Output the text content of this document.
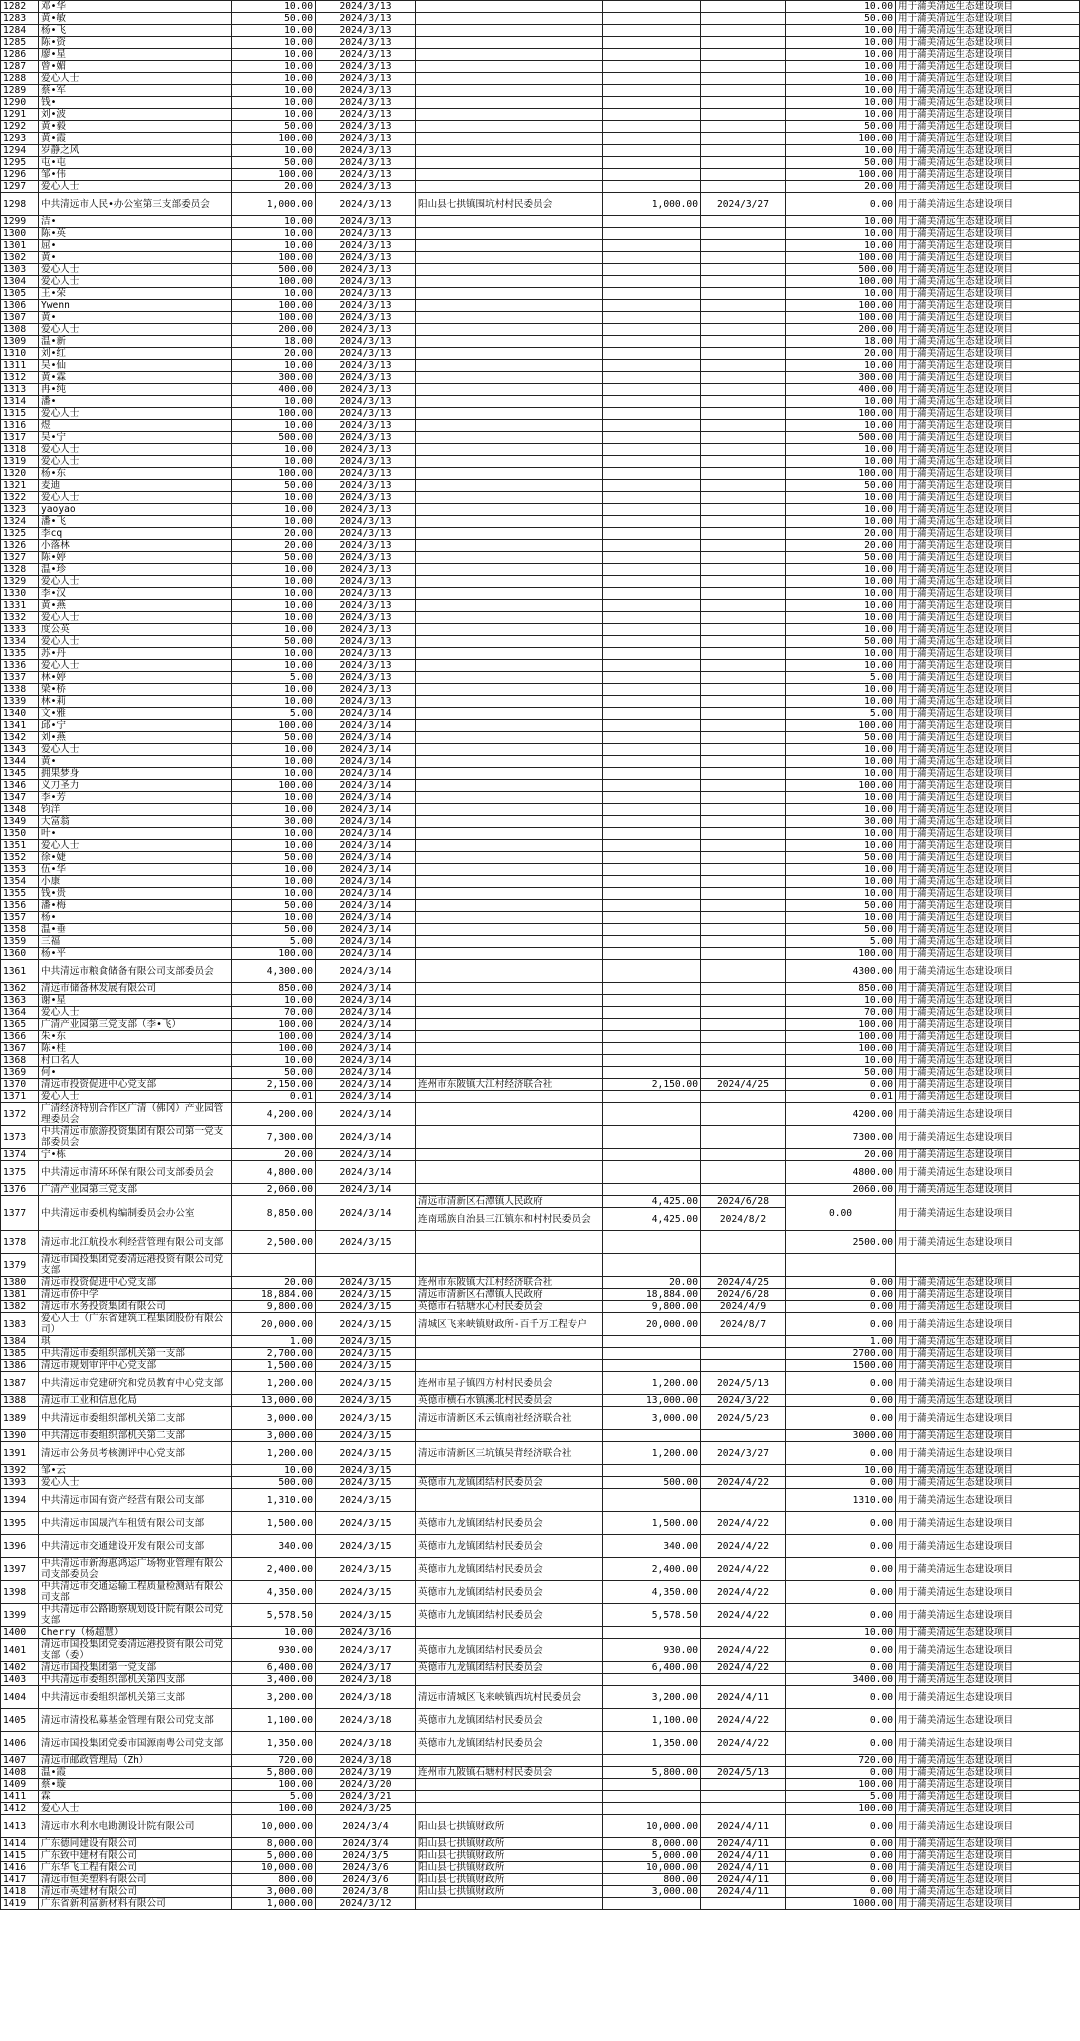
1282	邓•华	10.00	2024/3/13				10.00	用于蒲美清远生态建设项目
1283	黄•敏	50.00	2024/3/13				50.00	用于蒲美清远生态建设项目
1284	杨•飞	10.00	2024/3/13				10.00	用于蒲美清远生态建设项目
1285	陈•资	10.00	2024/3/13				10.00	用于蒲美清远生态建设项目
1286	廖•星	10.00	2024/3/13				10.00	用于蒲美清远生态建设项目
1287	曾•媚	10.00	2024/3/13				10.00	用于蒲美清远生态建设项目
1288	爱心人士	10.00	2024/3/13				10.00	用于蒲美清远生态建设项目
1289	蔡•军	10.00	2024/3/13				10.00	用于蒲美清远生态建设项目
1290	钱•	10.00	2024/3/13				10.00	用于蒲美清远生态建设项目
1291	刘•波	10.00	2024/3/13				10.00	用于蒲美清远生态建设项目
1292	黄•毅	50.00	2024/3/13				50.00	用于蒲美清远生态建设项目
1293	黄•霞	100.00	2024/3/13				100.00	用于蒲美清远生态建设项目
1294	岁静之风	10.00	2024/3/13				10.00	用于蒲美清远生态建设项目
1295	屯•屯	50.00	2024/3/13				50.00	用于蒲美清远生态建设项目
1296	邹•伟	100.00	2024/3/13				100.00	用于蒲美清远生态建设项目
1297	爱心人士	20.00	2024/3/13				20.00	用于蒲美清远生态建设项目
1298	中共清远市人民•办公室第三支部委员会	1,000.00	2024/3/13	阳山县七拱镇围坑村村民委员会	1,000.00	2024/3/27	0.00	用于蒲美清远生态建设项目
1299	洁•	10.00	2024/3/13				10.00	用于蒲美清远生态建设项目
1300	陈•英	10.00	2024/3/13				10.00	用于蒲美清远生态建设项目
1301	屈•	10.00	2024/3/13				10.00	用于蒲美清远生态建设项目
1302	黄•	100.00	2024/3/13				100.00	用于蒲美清远生态建设项目
1303	爱心人士	500.00	2024/3/13				500.00	用于蒲美清远生态建设项目
1304	爱心人士	100.00	2024/3/13				100.00	用于蒲美清远生态建设项目
1305	王•荣	10.00	2024/3/13				10.00	用于蒲美清远生态建设项目
1306	Ywenn	100.00	2024/3/13				100.00	用于蒲美清远生态建设项目
1307	黄•	100.00	2024/3/13				100.00	用于蒲美清远生态建设项目
1308	爱心人士	200.00	2024/3/13				200.00	用于蒲美清远生态建设项目
1309	温•新	18.00	2024/3/13				18.00	用于蒲美清远生态建设项目
1310	刘•红	20.00	2024/3/13				20.00	用于蒲美清远生态建设项目
1311	吴•仙	10.00	2024/3/13				10.00	用于蒲美清远生态建设项目
1312	黄•霖	300.00	2024/3/13				300.00	用于蒲美清远生态建设项目
1313	冉•纯	400.00	2024/3/13				400.00	用于蒲美清远生态建设项目
1314	潘•	10.00	2024/3/13				10.00	用于蒲美清远生态建设项目
1315	爱心人士	100.00	2024/3/13				100.00	用于蒲美清远生态建设项目
1316	煜	10.00	2024/3/13				10.00	用于蒲美清远生态建设项目
1317	吴•宁	500.00	2024/3/13				500.00	用于蒲美清远生态建设项目
1318	爱心人士	10.00	2024/3/13				10.00	用于蒲美清远生态建设项目
1319	爱心人士	10.00	2024/3/13				10.00	用于蒲美清远生态建设项目
1320	杨•东	100.00	2024/3/13				100.00	用于蒲美清远生态建设项目
1321	麦迪	50.00	2024/3/13				50.00	用于蒲美清远生态建设项目
1322	爱心人士	10.00	2024/3/13				10.00	用于蒲美清远生态建设项目
1323	yaoyao	10.00	2024/3/13				10.00	用于蒲美清远生态建设项目
1324	潘•飞	10.00	2024/3/13				10.00	用于蒲美清远生态建设项目
1325	李cq	20.00	2024/3/13				20.00	用于蒲美清远生态建设项目
1326	小落林	20.00	2024/3/13				20.00	用于蒲美清远生态建设项目
1327	陈•婷	50.00	2024/3/13				50.00	用于蒲美清远生态建设项目
1328	温•珍	10.00	2024/3/13				10.00	用于蒲美清远生态建设项目
1329	爱心人士	10.00	2024/3/13				10.00	用于蒲美清远生态建设项目
1330	李•汉	10.00	2024/3/13				10.00	用于蒲美清远生态建设项目
1331	黄•燕	10.00	2024/3/13				10.00	用于蒲美清远生态建设项目
1332	爱心人士	10.00	2024/3/13				10.00	用于蒲美清远生态建设项目
1333	度公英	10.00	2024/3/13				10.00	用于蒲美清远生态建设项目
1334	爱心人士	50.00	2024/3/13				50.00	用于蒲美清远生态建设项目
1335	苏•丹	10.00	2024/3/13				10.00	用于蒲美清远生态建设项目
1336	爱心人士	10.00	2024/3/13				10.00	用于蒲美清远生态建设项目
1337	林•婷	5.00	2024/3/13				5.00	用于蒲美清远生态建设项目
1338	梁•桥	10.00	2024/3/13				10.00	用于蒲美清远生态建设项目
1339	林•莉	10.00	2024/3/13				10.00	用于蒲美清远生态建设项目
1340	文•雅	5.00	2024/3/14				5.00	用于蒲美清远生态建设项目
1341	邱•宁	100.00	2024/3/14				100.00	用于蒲美清远生态建设项目
1342	刘•燕	50.00	2024/3/14				50.00	用于蒲美清远生态建设项目
1343	爱心人士	10.00	2024/3/14				10.00	用于蒲美清远生态建设项目
1344	黄•	10.00	2024/3/14				10.00	用于蒲美清远生态建设项目
1345	拥果梦身	10.00	2024/3/14				10.00	用于蒲美清远生态建设项目
1346	义刀圣力	100.00	2024/3/14				100.00	用于蒲美清远生态建设项目
1347	李•芳	10.00	2024/3/14				10.00	用于蒲美清远生态建设项目
1348	钧洋	10.00	2024/3/14				10.00	用于蒲美清远生态建设项目
1349	大富翁	30.00	2024/3/14				30.00	用于蒲美清远生态建设项目
1350	叶•	10.00	2024/3/14				10.00	用于蒲美清远生态建设项目
1351	爱心人士	10.00	2024/3/14				10.00	用于蒲美清远生态建设项目
1352	徐•婕	50.00	2024/3/14				50.00	用于蒲美清远生态建设项目
1353	伍•华	10.00	2024/3/14				10.00	用于蒲美清远生态建设项目
1354	小康	10.00	2024/3/14				10.00	用于蒲美清远生态建设项目
1355	钱•贵	10.00	2024/3/14				10.00	用于蒲美清远生态建设项目
1356	潘•梅	50.00	2024/3/14				50.00	用于蒲美清远生态建设项目
1357	杨•	10.00	2024/3/14				10.00	用于蒲美清远生态建设项目
1358	温•垂	50.00	2024/3/14				50.00	用于蒲美清远生态建设项目
1359	三福	5.00	2024/3/14				5.00	用于蒲美清远生态建设项目
1360	杨•平	100.00	2024/3/14				100.00	用于蒲美清远生态建设项目
1361	中共清远市粮食储备有限公司支部委员会	4,300.00	2024/3/14				4300.00	用于蒲美清远生态建设项目
1362	清远市储备林发展有限公司	850.00	2024/3/14				850.00	用于蒲美清远生态建设项目
1363	谢•星	10.00	2024/3/14				10.00	用于蒲美清远生态建设项目
1364	爱心人士	70.00	2024/3/14				70.00	用于蒲美清远生态建设项目
1365	广清产业园第三党支部（李•飞）	100.00	2024/3/14				100.00	用于蒲美清远生态建设项目
1366	朱•东	100.00	2024/3/14				100.00	用于蒲美清远生态建设项目
1367	陈•桂	100.00	2024/3/14				100.00	用于蒲美清远生态建设项目
1368	村口名人	10.00	2024/3/14				10.00	用于蒲美清远生态建设项目
1369	何•	50.00	2024/3/14				50.00	用于蒲美清远生态建设项目
1370	清远市投资促进中心党支部	2,150.00	2024/3/14	连州市东陂镇大江村经济联合社	2,150.00	2024/4/25	0.00	用于蒲美清远生态建设项目
1371	爱心人士	0.01	2024/3/14				0.01	用于蒲美清远生态建设项目
1372	广清经济特别合作区广清（佛冈）产业园管理委员会	4,200.00	2024/3/14				4200.00	用于蒲美清远生态建设项目
1373	中共清远市旅游投资集团有限公司第一党支部委员会	7,300.00	2024/3/14				7300.00	用于蒲美清远生态建设项目
1374	宁•栋	20.00	2024/3/14				20.00	用于蒲美清远生态建设项目
1375	中共清远市清环环保有限公司支部委员会	4,800.00	2024/3/14				4800.00	用于蒲美清远生态建设项目
1376	广清产业园第三党支部	2,060.00	2024/3/14				2060.00	用于蒲美清远生态建设项目
1377	中共清远市委机构编制委员会办公室	8,850.00	2024/3/14	清远市清新区石潭镇人民政府	4,425.00	2024/6/28	0.00	用于蒲美清远生态建设项目
				连南瑶族自治县三江镇东和村村民委员会	4,425.00	2024/8/2		
1378	清远市北江航投水利经营管理有限公司支部	2,500.00	2024/3/15				2500.00	用于蒲美清远生态建设项目
1379	清远市国投集团党委清远港投资有限公司党支部							
1380	清远市投资促进中心党支部	20.00	2024/3/15	连州市东陂镇大江村经济联合社	20.00	2024/4/25	0.00	用于蒲美清远生态建设项目
1381	清远市侨中学	18,884.00	2024/3/15	清远市清新区石潭镇人民政府	18,884.00	2024/6/28	0.00	用于蒲美清远生态建设项目
1382	清远市水务投资集团有限公司	9,800.00	2024/3/15	英德市石牯塘水心村民委员会	9,800.00	2024/4/9	0.00	用于蒲美清远生态建设项目
1383	爱心人士（广东省建筑工程集团股份有限公司）	20,000.00	2024/3/15	清城区飞来峡镇财政所-百千万工程专户	20,000.00	2024/8/7	0.00	用于蒲美清远生态建设项目
1384	琪	1.00	2024/3/15				1.00	用于蒲美清远生态建设项目
1385	中共清远市委组织部机关第一支部	2,700.00	2024/3/15				2700.00	用于蒲美清远生态建设项目
1386	清远市规划审评中心党支部	1,500.00	2024/3/15				1500.00	用于蒲美清远生态建设项目
1387	中共清远市党建研究和党员教育中心党支部	1,200.00	2024/3/15	连州市星子镇四方村村民委员会	1,200.00	2024/5/13	0.00	用于蒲美清远生态建设项目
1388	清远市工业和信息化局	13,000.00	2024/3/15	英德市横石水镇溪北村民委员会	13,000.00	2024/3/22	0.00	用于蒲美清远生态建设项目
1389	中共清远市委组织部机关第二支部	3,000.00	2024/3/15	清远市清新区禾云镇南社经济联合社	3,000.00	2024/5/23	0.00	用于蒲美清远生态建设项目
1390	中共清远市委组织部机关第二支部	3,000.00	2024/3/15				3000.00	用于蒲美清远生态建设项目
1391	清远市公务员考核测评中心党支部	1,200.00	2024/3/15	清远市清新区三坑镇吴背经济联合社	1,200.00	2024/3/27	0.00	用于蒲美清远生态建设项目
1392	邹•云	10.00	2024/3/15				10.00	用于蒲美清远生态建设项目
1393	爱心人士	500.00	2024/3/15	英德市九龙镇团结村民委员会	500.00	2024/4/22	0.00	用于蒲美清远生态建设项目
1394	中共清远市国有资产经营有限公司支部	1,310.00	2024/3/15				1310.00	用于蒲美清远生态建设项目
1395	中共清远市国晟汽车租赁有限公司支部	1,500.00	2024/3/15	英德市九龙镇团结村民委员会	1,500.00	2024/4/22	0.00	用于蒲美清远生态建设项目
1396	中共清远市交通建设开发有限公司支部	340.00	2024/3/15	英德市九龙镇团结村民委员会	340.00	2024/4/22	0.00	用于蒲美清远生态建设项目
1397	中共清远市新海惠鸿运广场物业管理有限公司支部委员会	2,400.00	2024/3/15	英德市九龙镇团结村民委员会	2,400.00	2024/4/22	0.00	用于蒲美清远生态建设项目
1398	中共清远市交通运输工程质量检测站有限公司支部	4,350.00	2024/3/15	英德市九龙镇团结村民委员会	4,350.00	2024/4/22	0.00	用于蒲美清远生态建设项目
1399	中共清远市公路勘察规划设计院有限公司党支部	5,578.50	2024/3/15	英德市九龙镇团结村民委员会	5,578.50	2024/4/22	0.00	用于蒲美清远生态建设项目
1400	Cherry（杨超慧）	10.00	2024/3/16				10.00	用于蒲美清远生态建设项目
1401	清远市国投集团党委清远港投资有限公司党支部（委）	930.00	2024/3/17	英德市九龙镇团结村民委员会	930.00	2024/4/22	0.00	用于蒲美清远生态建设项目
1402	清远市国投集团第一党支部	6,400.00	2024/3/17	英德市九龙镇团结村民委员会	6,400.00	2024/4/22	0.00	用于蒲美清远生态建设项目
1403	中共清远市委组织部机关第四支部	3,400.00	2024/3/18				3400.00	用于蒲美清远生态建设项目
1404	中共清远市委组织部机关第三支部	3,200.00	2024/3/18	清远市清城区飞来峡镇西坑村民委员会	3,200.00	2024/4/11	0.00	用于蒲美清远生态建设项目
1405	清远市清投私募基金管理有限公司党支部	1,100.00	2024/3/18	英德市九龙镇团结村民委员会	1,100.00	2024/4/22	0.00	用于蒲美清远生态建设项目
1406	清远市国投集团党委市国源南粤公司党支部	1,350.00	2024/3/18	英德市九龙镇团结村民委员会	1,350.00	2024/4/22	0.00	用于蒲美清远生态建设项目
1407	清远市邮政管理局（Zh）	720.00	2024/3/18				720.00	用于蒲美清远生态建设项目
1408	温•霞	5,800.00	2024/3/19	连州市九陂镇石塘村村民委员会	5,800.00	2024/5/13	0.00	用于蒲美清远生态建设项目
1409	蔡•璇	100.00	2024/3/20				100.00	用于蒲美清远生态建设项目
1411	霖	5.00	2024/3/21				5.00	用于蒲美清远生态建设项目
1412	爱心人士	100.00	2024/3/25				100.00	用于蒲美清远生态建设项目
1413	清远市水利水电勘测设计院有限公司	10,000.00	2024/3/4	阳山县七拱镇财政所	10,000.00	2024/4/11	0.00	用于蒲美清远生态建设项目
1414	广东德同建设有限公司	8,000.00	2024/3/4	阳山县七拱镇财政所	8,000.00	2024/4/11	0.00	用于蒲美清远生态建设项目
1415	广东致中建材有限公司	5,000.00	2024/3/5	阳山县七拱镇财政所	5,000.00	2024/4/11	0.00	用于蒲美清远生态建设项目
1416	广东华飞工程有限公司	10,000.00	2024/3/6	阳山县七拱镇财政所	10,000.00	2024/4/11	0.00	用于蒲美清远生态建设项目
1417	清远市恒美塑料有限公司	800.00	2024/3/6	阳山县七拱镇财政所	800.00	2024/4/11	0.00	用于蒲美清远生态建设项目
1418	清远市英建材有限公司	3,000.00	2024/3/8	阳山县七拱镇财政所	3,000.00	2024/4/11	0.00	用于蒲美清远生态建设项目
1419	广东省新利富新材料有限公司	1,000.00	2024/3/12				1000.00	用于蒲美清远生态建设项目
